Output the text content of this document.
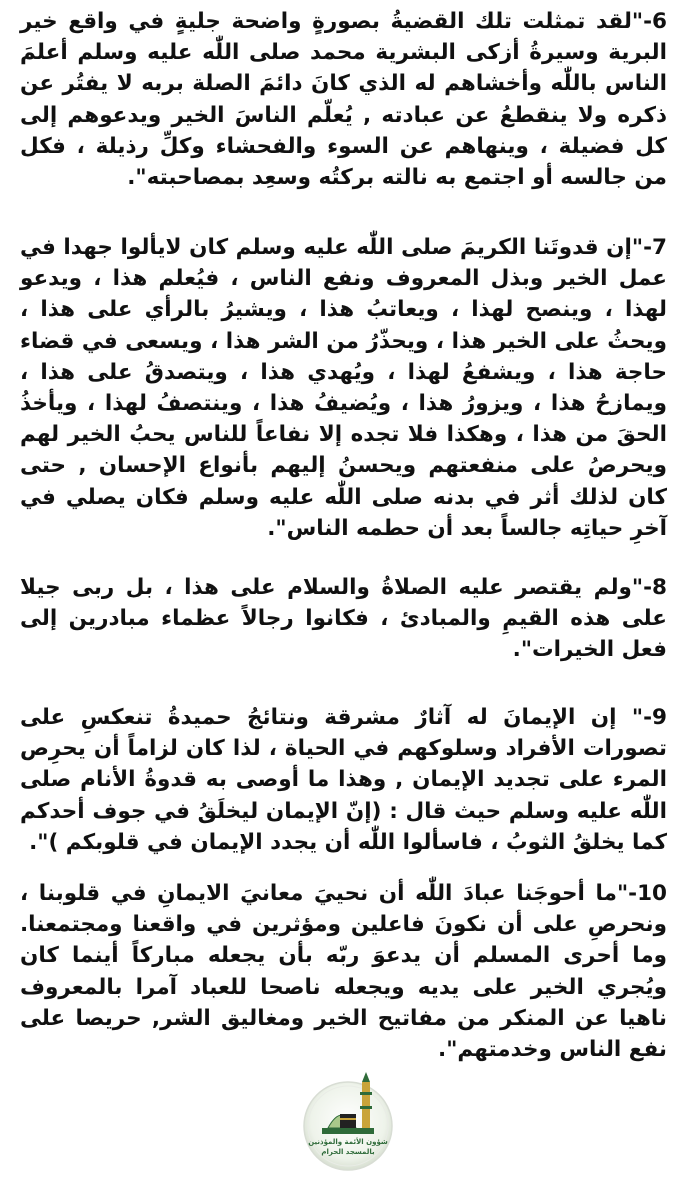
6-"لقد تمثلت تلك القضيةُ بصورةٍ واضحة جليةٍ في واقع خير البرية وسيرةُ أزكى البشرية محمد صلى اللّٰه عليه وسلم أعلمَ الناس باللّٰه وأخشاهم له الذي كانَ دائمَ الصلة بربه لا يفتُر عن ذكره ولا ينقطعُ عن عبادته , يُعلّم الناسَ الخير ويدعوهم إلى كل فضيلة ، وينهاهم عن السوء والفحشاء وكلِّ رذيلة ، فكل من جالسه أو اجتمع به نالته بركتُه وسعِد بمصاحبته".

7-"إن قدوتَنا الكريمَ صلى اللّٰه عليه وسلم كان لايألوا جهدا في عمل الخير وبذل المعروف ونفع الناس ، فيُعلم هذا ، ويدعو لهذا ، وينصح لهذا ، ويعاتبُ هذا ، ويشيرُ بالرأي على هذا ، ويحثُ على الخير هذا ، ويحذّرُ من الشر هذا ، ويسعى في قضاء حاجة هذا ، ويشفعُ لهذا ، ويُهدي هذا ، ويتصدقُ على هذا ، ويمازحُ هذا ، ويزورُ هذا ، ويُضيفُ هذا ، وينتصفُ لهذا ، ويأخذُ الحقَ من هذا ، وهكذا فلا تجده إلا نفاعاً للناس يحبُ الخير لهم ويحرصُ على منفعتهم ويحسنُ إليهم بأنواع الإحسان , حتى كان لذلك أثر في بدنه صلى اللّٰه عليه وسلم فكان يصلي في آخرِ حياتِه جالساً بعد أن حطمه الناس".

8-"ولم يقتصر عليه الصلاةُ والسلام على هذا ، بل ربى جيلا على هذه القيمِ والمبادئ ، فكانوا رجالاً عظماء مبادرين إلى فعل الخيرات".

9-" إن الإيمانَ له آثارٌ مشرقة ونتائجُ حميدةُ تنعكسِ على تصورات الأفراد وسلوكهم في الحياة ، لذا كان لزاماً أن يحرِص المرء على تجديد الإيمان , وهذا ما أوصى به قدوةُ الأنام صلى اللّٰه عليه وسلم حيث قال : (إنّ الإيمان ليخلَقُ في جوف أحدكم كما يخلقُ الثوبُ ، فاسألوا اللّٰه أن يجدد الإيمان في قلوبكم )".

10-"ما أحوجَنا عبادَ اللّٰه أن نحييَ معانيَ الايمانِ في قلوبنا ، ونحرصِ على أن نكونَ فاعلين ومؤثرين في واقعنا ومجتمعنا. وما أحرى المسلم أن يدعوَ ربّه بأن يجعله مباركاً أينما كان ويُجري الخير على يديه ويجعله ناصحا للعباد آمرا بالمعروف ناهيا عن المنكر من مفاتيح الخير ومغاليق الشر, حريصا على نفع الناس وخدمتهم".

شؤون الأئمة والمؤذنين
بالمسجد الحرام
